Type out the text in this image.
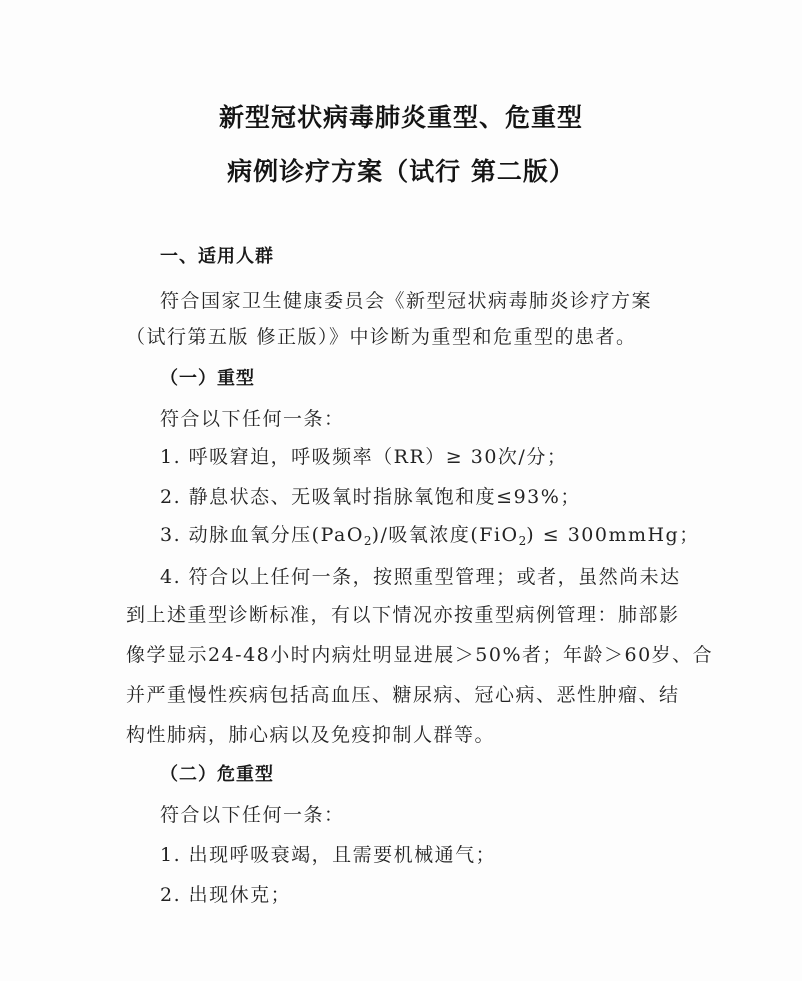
新型冠状病毒肺炎重型、危重型
病例诊疗方案（试行 第二版）
一、适用人群
符合国家卫生健康委员会《新型冠状病毒肺炎诊疗方案
（试行第五版 修正版）》中诊断为重型和危重型的患者。
（一）重型
符合以下任何一条：
1. 呼吸窘迫，呼吸频率（RR）≥ 30次/分；
2. 静息状态、无吸氧时指脉氧饱和度≤93%；
3. 动脉血氧分压(PaO$_2$)/吸氧浓度(FiO$_2$) ≤ 300mmHg；
4. 符合以上任何一条，按照重型管理；或者，虽然尚未达
到上述重型诊断标准，有以下情况亦按重型病例管理：肺部影
像学显示24-48小时内病灶明显进展＞50%者；年龄＞60岁、合
并严重慢性疾病包括高血压、糖尿病、冠心病、恶性肿瘤、结
构性肺病，肺心病以及免疫抑制人群等。
（二）危重型
符合以下任何一条：
1. 出现呼吸衰竭，且需要机械通气；
2. 出现休克；
